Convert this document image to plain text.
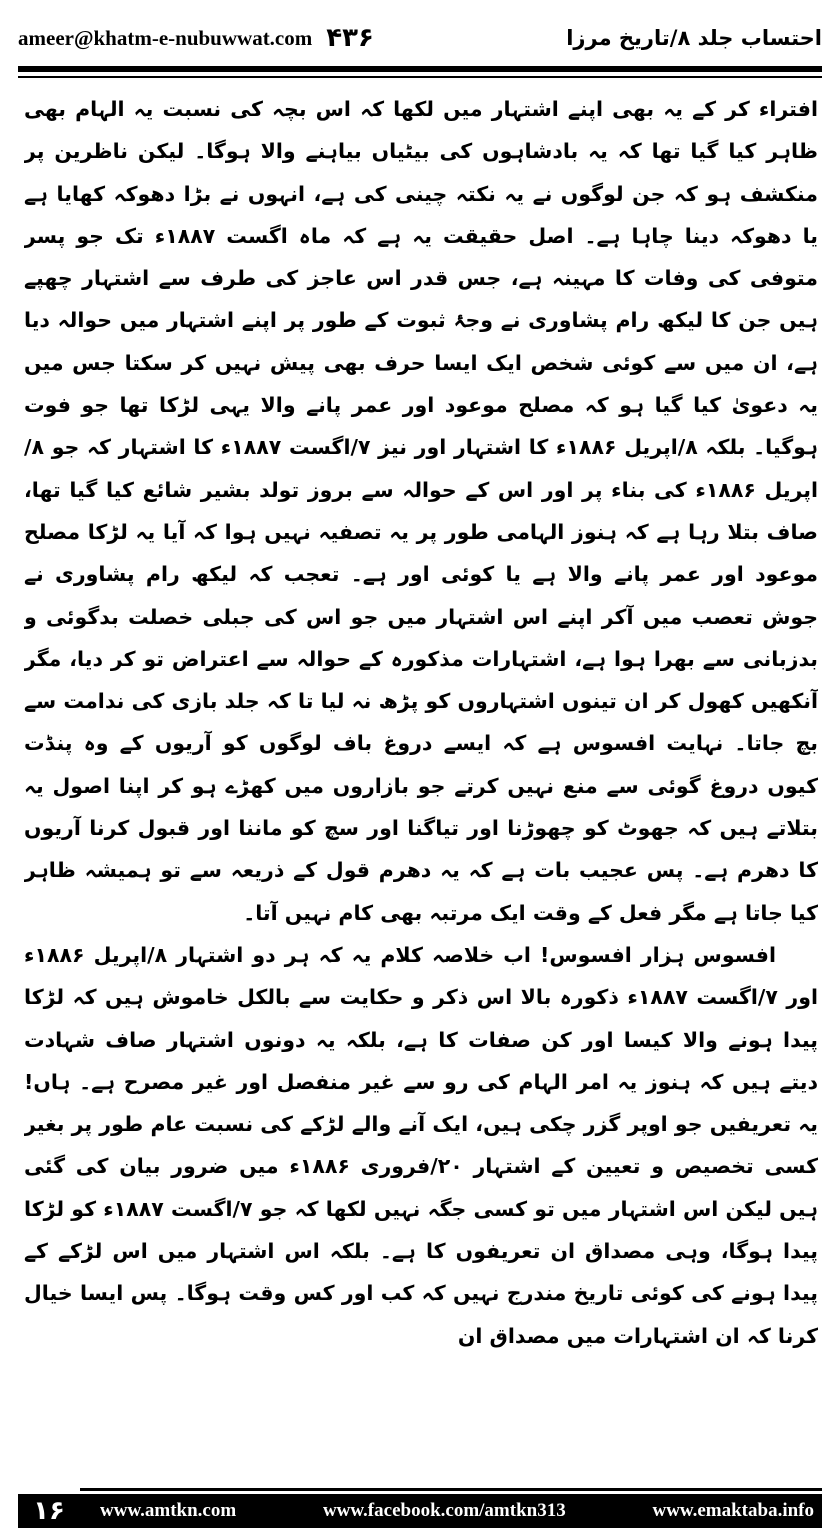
ameer@khatm-e-nubuwwat.com ۴۳۶	احتساب جلد ۸/تاریخ مرزا

افتراء کر کے یہ بھی اپنے اشتہار میں لکھا کہ اس بچہ کی نسبت یہ الہام بھی ظاہر کیا گیا تھا کہ یہ بادشاہوں کی بیٹیاں بیاہنے والا ہوگا۔ لیکن ناظرین پر منکشف ہو کہ جن لوگوں نے یہ نکتہ چینی کی ہے، انہوں نے بڑا دھوکہ کھایا ہے یا دھوکہ دینا چاہا ہے۔ اصل حقیقت یہ ہے کہ ماہ اگست ۱۸۸۷ء تک جو پسر متوفی کی وفات کا مہینہ ہے، جس قدر اس عاجز کی طرف سے اشتہار چھپے ہیں جن کا لیکھ رام پشاوری نے وجۂ ثبوت کے طور پر اپنے اشتہار میں حوالہ دیا ہے، ان میں سے کوئی شخص ایک ایسا حرف بھی پیش نہیں کر سکتا جس میں یہ دعویٰ کیا گیا ہو کہ مصلح موعود اور عمر پانے والا یہی لڑکا تھا جو فوت ہوگیا۔ بلکہ ۸/اپریل ۱۸۸۶ء کا اشتہار اور نیز ۷/اگست ۱۸۸۷ء کا اشتہار کہ جو ۸/اپریل ۱۸۸۶ء کی بناء پر اور اس کے حوالہ سے بروز تولد بشیر شائع کیا گیا تھا، صاف بتلا رہا ہے کہ ہنوز الہامی طور پر یہ تصفیہ نہیں ہوا کہ آیا یہ لڑکا مصلح موعود اور عمر پانے والا ہے یا کوئی اور ہے۔ تعجب کہ لیکھ رام پشاوری نے جوش تعصب میں آکر اپنے اس اشتہار میں جو اس کی جبلی خصلت بدگوئی و بدزبانی سے بھرا ہوا ہے، اشتہارات مذکورہ کے حوالہ سے اعتراض تو کر دیا، مگر آنکھیں کھول کر ان تینوں اشتہاروں کو پڑھ نہ لیا تا کہ جلد بازی کی ندامت سے بچ جاتا۔ نہایت افسوس ہے کہ ایسے دروغ باف لوگوں کو آریوں کے وہ پنڈت کیوں دروغ گوئی سے منع نہیں کرتے جو بازاروں میں کھڑے ہو کر اپنا اصول یہ بتلاتے ہیں کہ جھوٹ کو چھوڑنا اور تیاگنا اور سچ کو ماننا اور قبول کرنا آریوں کا دھرم ہے۔ پس عجیب بات ہے کہ یہ دھرم قول کے ذریعہ سے تو ہمیشہ ظاہر کیا جاتا ہے مگر فعل کے وقت ایک مرتبہ بھی کام نہیں آتا۔

افسوس ہزار افسوس! اب خلاصہ کلام یہ کہ ہر دو اشتہار ۸/اپریل ۱۸۸۶ء اور ۷/اگست ۱۸۸۷ء ذکورہ بالا اس ذکر و حکایت سے بالکل خاموش ہیں کہ لڑکا پیدا ہونے والا کیسا اور کن صفات کا ہے، بلکہ یہ دونوں اشتہار صاف شہادت دیتے ہیں کہ ہنوز یہ امر الہام کی رو سے غیر منفصل اور غیر مصرح ہے۔ ہاں! یہ تعریفیں جو اوپر گزر چکی ہیں، ایک آنے والے لڑکے کی نسبت عام طور پر بغیر کسی تخصیص و تعیین کے اشتہار ۲۰/فروری ۱۸۸۶ء میں ضرور بیان کی گئی ہیں لیکن اس اشتہار میں تو کسی جگہ نہیں لکھا کہ جو ۷/اگست ۱۸۸۷ء کو لڑکا پیدا ہوگا، وہی مصداق ان تعریفوں کا ہے۔ بلکہ اس اشتہار میں اس لڑکے کے پیدا ہونے کی کوئی تاریخ مندرج نہیں کہ کب اور کس وقت ہوگا۔ پس ایسا خیال کرنا کہ ان اشتہارات میں مصداق ان

۱۶	www.amtkn.com	www.facebook.com/amtkn313	www.emaktaba.info
